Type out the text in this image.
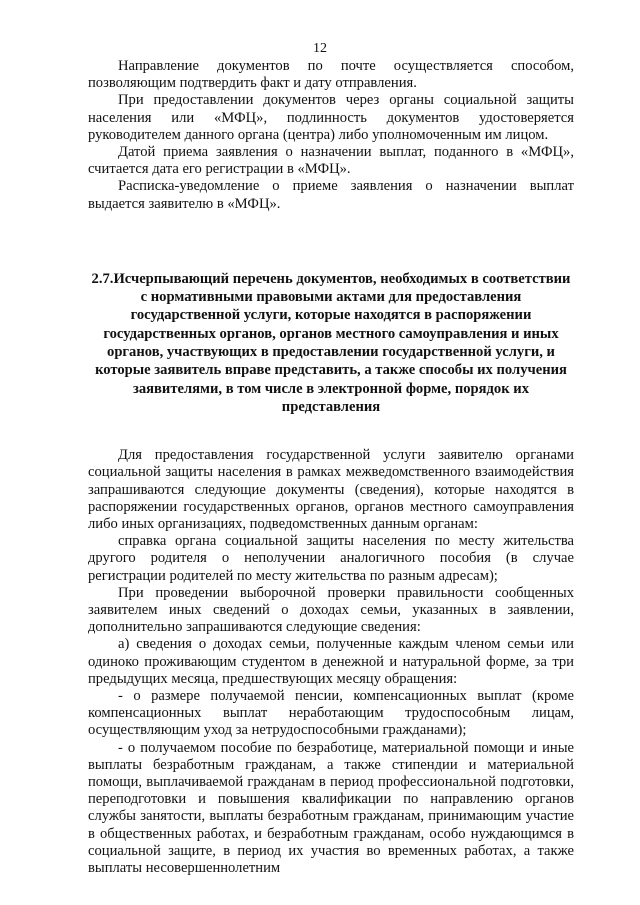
12

Направление документов по почте осуществляется способом, позволяющим подтвердить факт и дату отправления.

При предоставлении документов через органы социальной защиты населения или «МФЦ», подлинность документов удостоверяется руководителем данного органа (центра) либо уполномоченным им лицом.

Датой приема заявления о назначении выплат, поданного в «МФЦ», считается дата его регистрации в «МФЦ».

Расписка-уведомление о приеме заявления о назначении выплат выдается заявителю в «МФЦ».

2.7.Исчерпывающий перечень документов, необходимых в соответствии с нормативными правовыми актами для предоставления государственной услуги, которые находятся в распоряжении государственных органов, органов местного самоуправления и иных органов, участвующих в предоставлении государственной услуги, и которые заявитель вправе представить, а также способы их получения заявителями, в том числе в электронной форме, порядок их представления

Для предоставления государственной услуги заявителю органами социальной защиты населения в рамках межведомственного взаимодействия запрашиваются следующие документы (сведения), которые находятся в распоряжении государственных органов, органов местного самоуправления либо иных организациях, подведомственных данным органам:

справка органа социальной защиты населения по месту жительства другого родителя о неполучении аналогичного пособия (в случае регистрации родителей по месту жительства по разным адресам);

При проведении выборочной проверки правильности сообщенных заявителем иных сведений о доходах семьи, указанных в заявлении, дополнительно запрашиваются следующие сведения:

а) сведения о доходах семьи, полученные каждым членом семьи или одиноко проживающим студентом в денежной и натуральной форме, за три предыдущих месяца, предшествующих месяцу обращения:

- о размере получаемой пенсии, компенсационных выплат (кроме компенсационных выплат неработающим трудоспособным лицам, осуществляющим уход за нетрудоспособными гражданами);

- о получаемом пособие по безработице, материальной помощи и иные выплаты безработным гражданам, а также стипендии и материальной помощи, выплачиваемой гражданам в период профессиональной подготовки, переподготовки и повышения квалификации по направлению органов службы занятости, выплаты безработным гражданам, принимающим участие в общественных работах, и безработным гражданам, особо нуждающимся в социальной защите, в период их участия во временных работах, а также выплаты несовершеннолетним
